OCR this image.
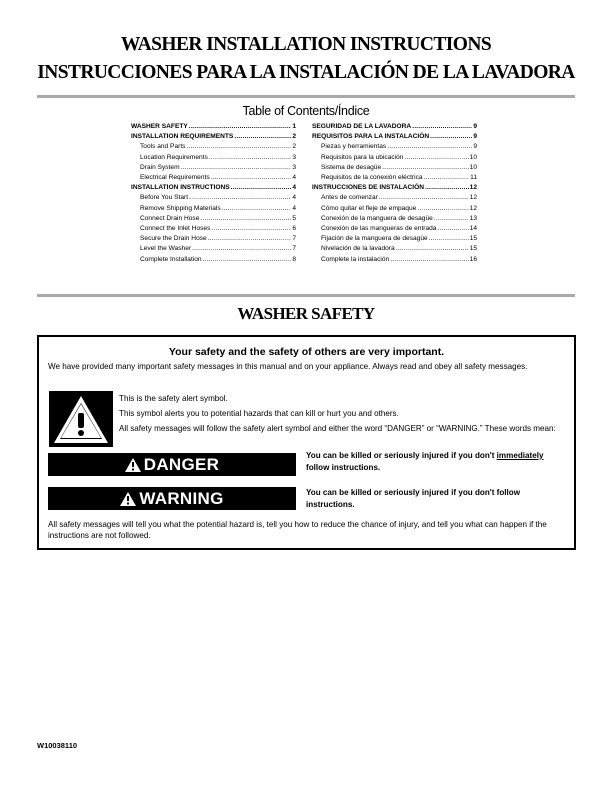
WASHER INSTALLATION INSTRUCTIONS
INSTRUCCIONES PARA LA INSTALACIÓN DE LA LAVADORA
Table of Contents/Índice
WASHER SAFETY .....	1
INSTALLATION REQUIREMENTS .....	2
Tools and Parts .....	2
Location Requirements .....	3
Drain System .....	3
Electrical Requirements .....	4
INSTALLATION INSTRUCTIONS .....	4
Before You Start .....	4
Remove Shipping Materials .....	4
Connect Drain Hose .....	5
Connect the Inlet Hoses .....	6
Secure the Drain Hose .....	7
Level the Washer .....	7
Complete Installation .....	8
SEGURIDAD DE LA LAVADORA .....	9
REQUISITOS PARA LA INSTALACIÓN .....	9
Piezas y herramientas .....	9
Requisitos para la ubicación .....	10
Sistema de desagüe .....	10
Requisitos de la conexión eléctrica .....	11
INSTRUCCIONES DE INSTALACIÓN .....	12
Antes de comenzar .....	12
Cómo quitar el fleje de empaque .....	12
Conexión de la manguera de desagüe .....	13
Conexión de las mangueras de entrada .....	14
Fijación de la manguera de desagüe .....	15
Nivelación de la lavadora .....	15
Complete la instalación .....	16
WASHER SAFETY
Your safety and the safety of others are very important.
We have provided many important safety messages in this manual and on your appliance. Always read and obey all safety messages.
This is the safety alert symbol.
This symbol alerts you to potential hazards that can kill or hurt you and others.
All safety messages will follow the safety alert symbol and either the word “DANGER” or “WARNING.” These words mean:
DANGER	You can be killed or seriously injured if you don't immediately follow instructions.
WARNING	You can be killed or seriously injured if you don't follow instructions.
All safety messages will tell you what the potential hazard is, tell you how to reduce the chance of injury, and tell you what can happen if the instructions are not followed.
W10038110
